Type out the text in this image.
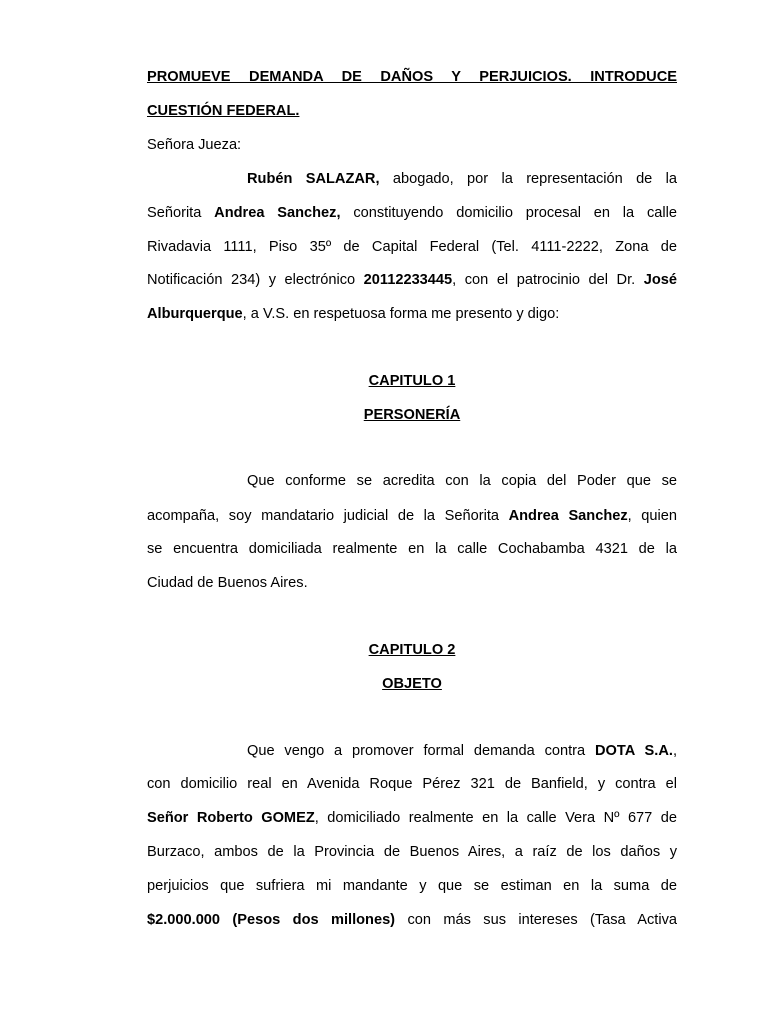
PROMUEVE DEMANDA DE DAÑOS Y PERJUICIOS. INTRODUCE
CUESTIÓN FEDERAL.
Señora Jueza:
Rubén SALAZAR, abogado, por la representación de la
Señorita Andrea Sanchez, constituyendo domicilio procesal en la calle
Rivadavia 1111, Piso 35º de Capital Federal (Tel. 4111-2222, Zona de
Notificación 234) y electrónico 20112233445, con el patrocinio del Dr. José
Alburquerque, a V.S. en respetuosa forma me presento y digo:
CAPITULO 1
PERSONERÍA
Que conforme se acredita con la copia del Poder que se
acompaña, soy mandatario judicial de la Señorita Andrea Sanchez, quien
se encuentra domiciliada realmente en la calle Cochabamba 4321 de la
Ciudad de Buenos Aires.
CAPITULO 2
OBJETO
Que vengo a promover formal demanda contra DOTA S.A.,
con domicilio real en Avenida Roque Pérez 321 de Banfield, y contra el
Señor Roberto GOMEZ, domiciliado realmente en la calle Vera Nº 677 de
Burzaco, ambos de la Provincia de Buenos Aires, a raíz de los daños y
perjuicios que sufriera mi mandante y que se estiman en la suma de
$2.000.000 (Pesos dos millones) con más sus intereses (Tasa Activa
